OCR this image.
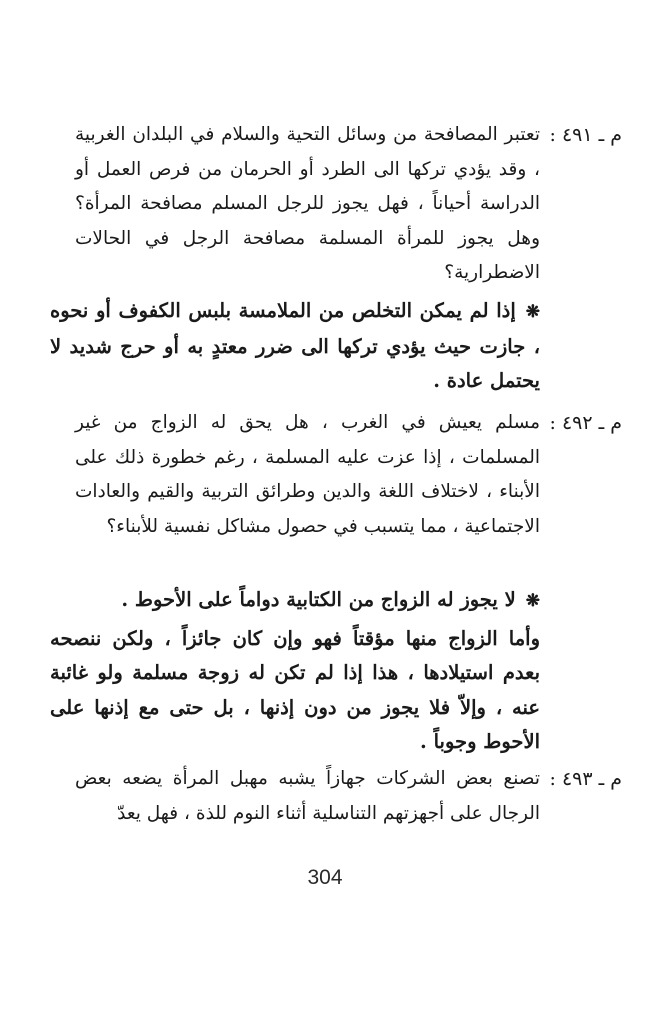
م ـ ٤٩١ :
تعتبر المصافحة من وسائل التحية والسلام في البلدان الغربية ، وقد يؤدي تركها الى الطرد أو الحرمان من فرص العمل أو الدراسة أحياناً ، فهل يجوز للرجل المسلم مصافحة المرأة؟ وهل يجوز للمرأة المسلمة مصافحة الرجل في الحالات الاضطرارية؟
❋إذا لم يمكن التخلص من الملامسة بلبس الكفوف أو نحوه ، جازت حيث يؤدي تركها الى ضرر معتدٍ به أو حرج شديد لا يحتمل عادة .
م ـ ٤٩٢ :
مسلم يعيش في الغرب ، هل يحق له الزواج من غير المسلمات ، إذا عزت عليه المسلمة ، رغم خطورة ذلك على الأبناء ، لاختلاف اللغة والدين وطرائق التربية والقيم والعادات الاجتماعية ، مما يتسبب في حصول مشاكل نفسية للأبناء؟
❋لا يجوز له الزواج من الكتابية دواماً على الأحوط .
وأما الزواج منها مؤقتاً فهو وإن كان جائزاً ، ولكن ننصحه بعدم استيلادها ، هذا إذا لم تكن له زوجة مسلمة ولو غائبة عنه ، وإلاّ فلا يجوز من دون إذنها ، بل حتى مع إذنها على الأحوط وجوباً .
م ـ ٤٩٣ :
تصنع بعض الشركات جهازاً يشبه مهبل المرأة يضعه بعض الرجال على أجهزتهم التناسلية أثناء النوم للذة ، فهل يعدّ
304
